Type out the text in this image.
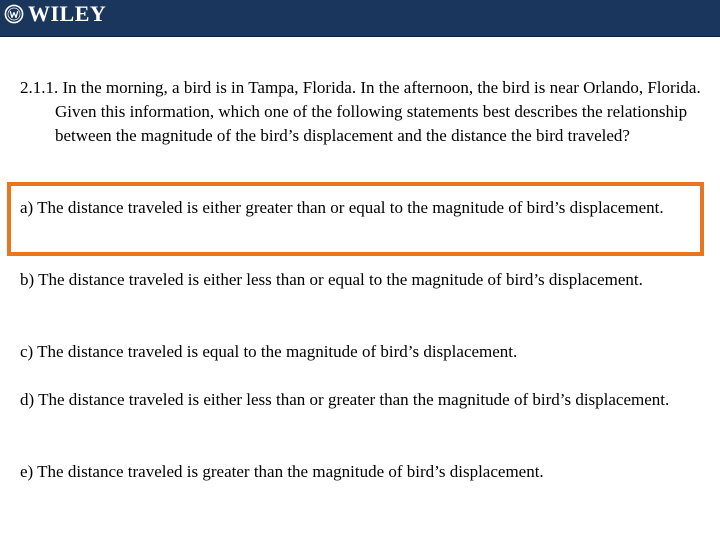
WILEY

2.1.1. In the morning, a bird is in Tampa, Florida. In the afternoon, the bird is near Orlando, Florida. Given this information, which one of the following statements best describes the relationship between the magnitude of the bird’s displacement and the distance the bird traveled?

a) The distance traveled is either greater than or equal to the magnitude of bird’s displacement.

b) The distance traveled is either less than or equal to the magnitude of bird’s displacement.

c) The distance traveled is equal to the magnitude of bird’s displacement.

d) The distance traveled is either less than or greater than the magnitude of bird’s displacement.

e) The distance traveled is greater than the magnitude of bird’s displacement.
